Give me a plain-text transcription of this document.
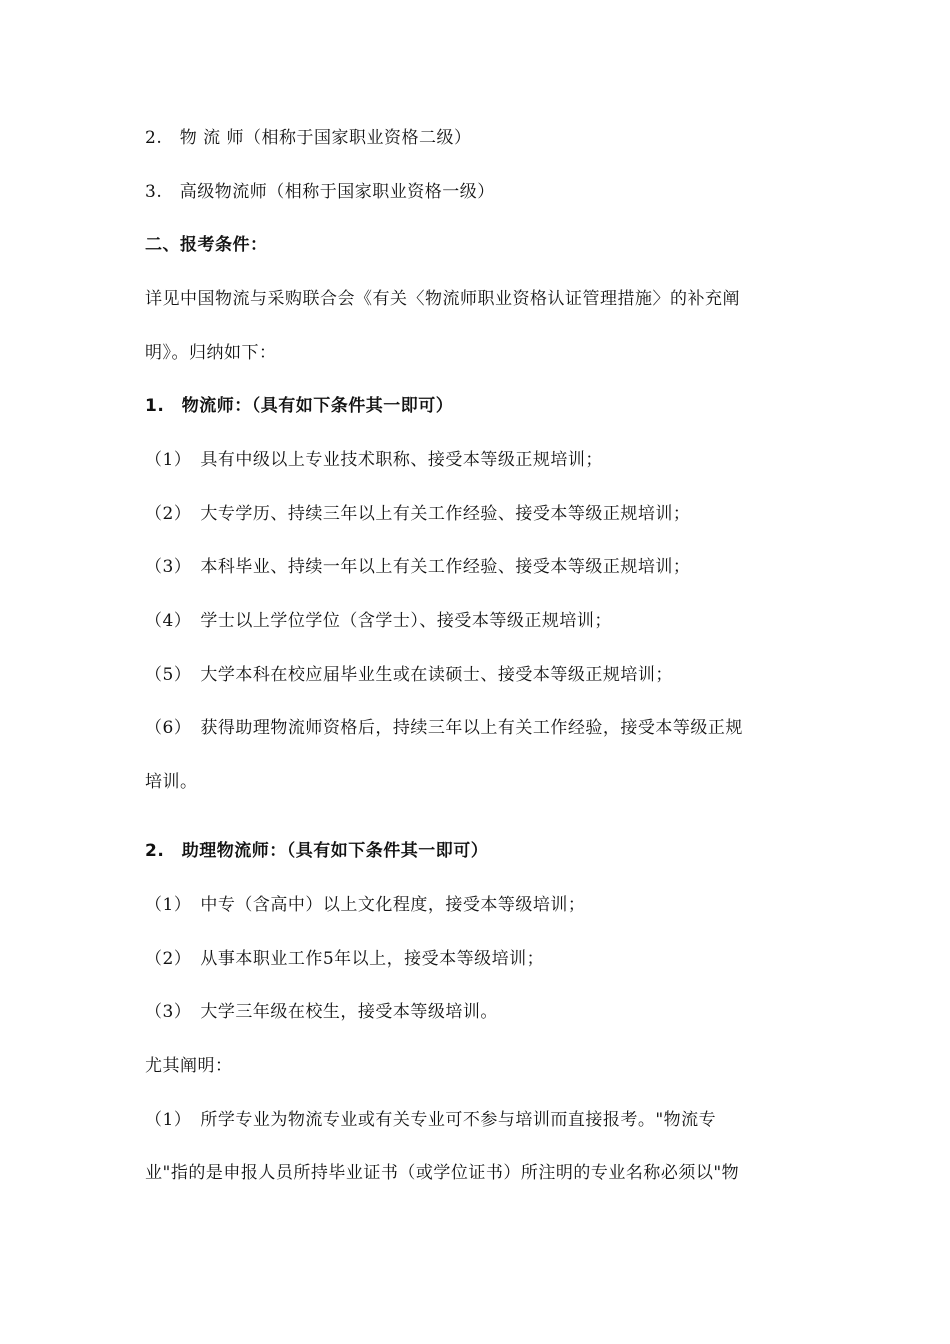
2.　物 流 师（相称于国家职业资格二级）
3.　高级物流师（相称于国家职业资格一级）
二、报考条件：
详见中国物流与采购联合会《有关〈物流师职业资格认证管理措施〉的补充阐
明》。归纳如下：
1.　物流师：（具有如下条件其一即可）
（1）　具有中级以上专业技术职称、接受本等级正规培训；
（2）　大专学历、持续三年以上有关工作经验、接受本等级正规培训；
（3）　本科毕业、持续一年以上有关工作经验、接受本等级正规培训；
（4）　学士以上学位学位（含学士）、接受本等级正规培训；
（5）　大学本科在校应届毕业生或在读硕士、接受本等级正规培训；
（6）　获得助理物流师资格后，持续三年以上有关工作经验，接受本等级正规
培训。
2.　助理物流师：（具有如下条件其一即可）
（1）　中专（含高中）以上文化程度，接受本等级培训；
（2）　从事本职业工作5年以上，接受本等级培训；
（3）　大学三年级在校生，接受本等级培训。
尤其阐明：
（1）　所学专业为物流专业或有关专业可不参与培训而直接报考。"物流专
业"指的是申报人员所持毕业证书（或学位证书）所注明的专业名称必须以"物
